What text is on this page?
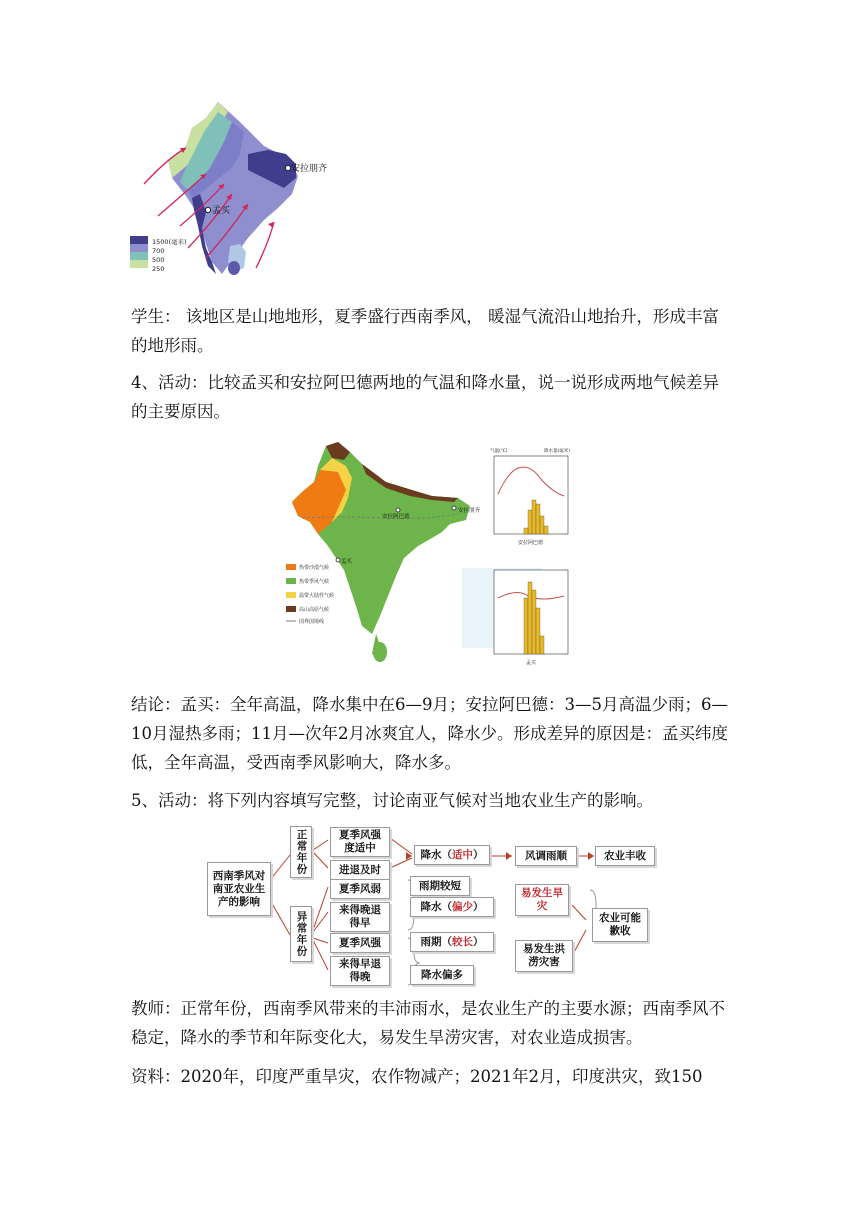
孟买
安拉朋齐
1500(毫米)
700
500
250

学生： 该地区是山地地形，夏季盛行西南季风， 暖湿气流沿山地抬升，形成丰富的地形雨。

4、活动：比较孟买和安拉阿巴德两地的气温和降水量，说一说形成两地气候差异的主要原因。

孟买
安拉阿巴德
安拉朋齐
热带沙漠气候
热带季风气候
温带大陆性气候
高山高原气候
国界国境线
气温(℃)	降水量(毫米)
安拉阿巴德
孟买

结论：孟买：全年高温，降水集中在6—9月；安拉阿巴德：3—5月高温少雨；6—10月湿热多雨；11月—次年2月冰爽宜人，降水少。形成差异的原因是：孟买纬度低，全年高温，受西南季风影响大，降水多。

5、活动：将下列内容填写完整，讨论南亚气候对当地农业生产的影响。

西南季风对南亚农业生产的影响
正常年份
异常年份
夏季风强度适中
进退及时
降水（ 适中 ）	风调雨顺	农业丰收
夏季风弱
来得晚退得早
雨期较短
降水（ 偏少 ）
易发生旱灾
夏季风强
来得早退得晚
雨期（ 较长 ）
降水偏多
易发生洪涝灾害
农业可能歉收

教师：正常年份，西南季风带来的丰沛雨水，是农业生产的主要水源；西南季风不稳定，降水的季节和年际变化大，易发生旱涝灾害，对农业造成损害。

资料：2020年，印度严重旱灾，农作物减产；2021年2月，印度洪灾，致150
